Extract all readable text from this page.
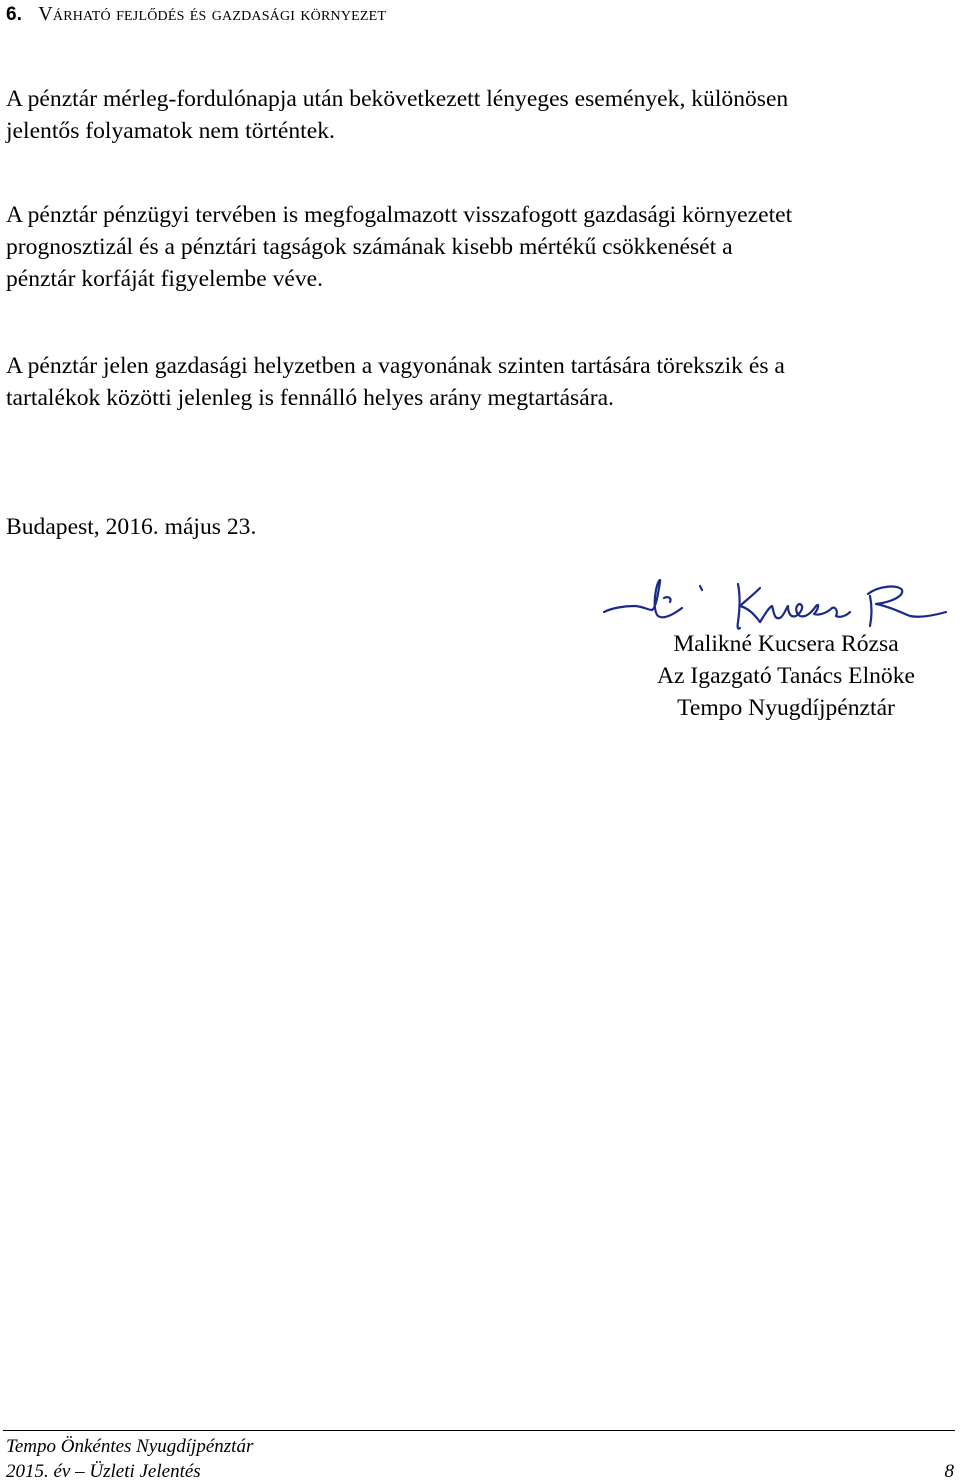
6. Várható fejlődés és gazdasági környezet

A pénztár mérleg-fordulónapja után bekövetkezett lényeges események, különösen
jelentős folyamatok nem történtek.

A pénztár pénzügyi tervében is megfogalmazott visszafogott gazdasági környezetet
prognosztizál és a pénztári tagságok számának kisebb mértékű csökkenését a
pénztár korfáját figyelembe véve.

A pénztár jelen gazdasági helyzetben a vagyonának szinten tartására törekszik és a
tartalékok közötti jelenleg is fennálló helyes arány megtartására.

Budapest, 2016. május 23.
Malikné Kucsera Rózsa
Az Igazgató Tanács Elnöke
Tempo Nyugdíjpénztár
Tempo Önkéntes Nyugdíjpénztár
2015. év – Üzleti Jelentés	8
